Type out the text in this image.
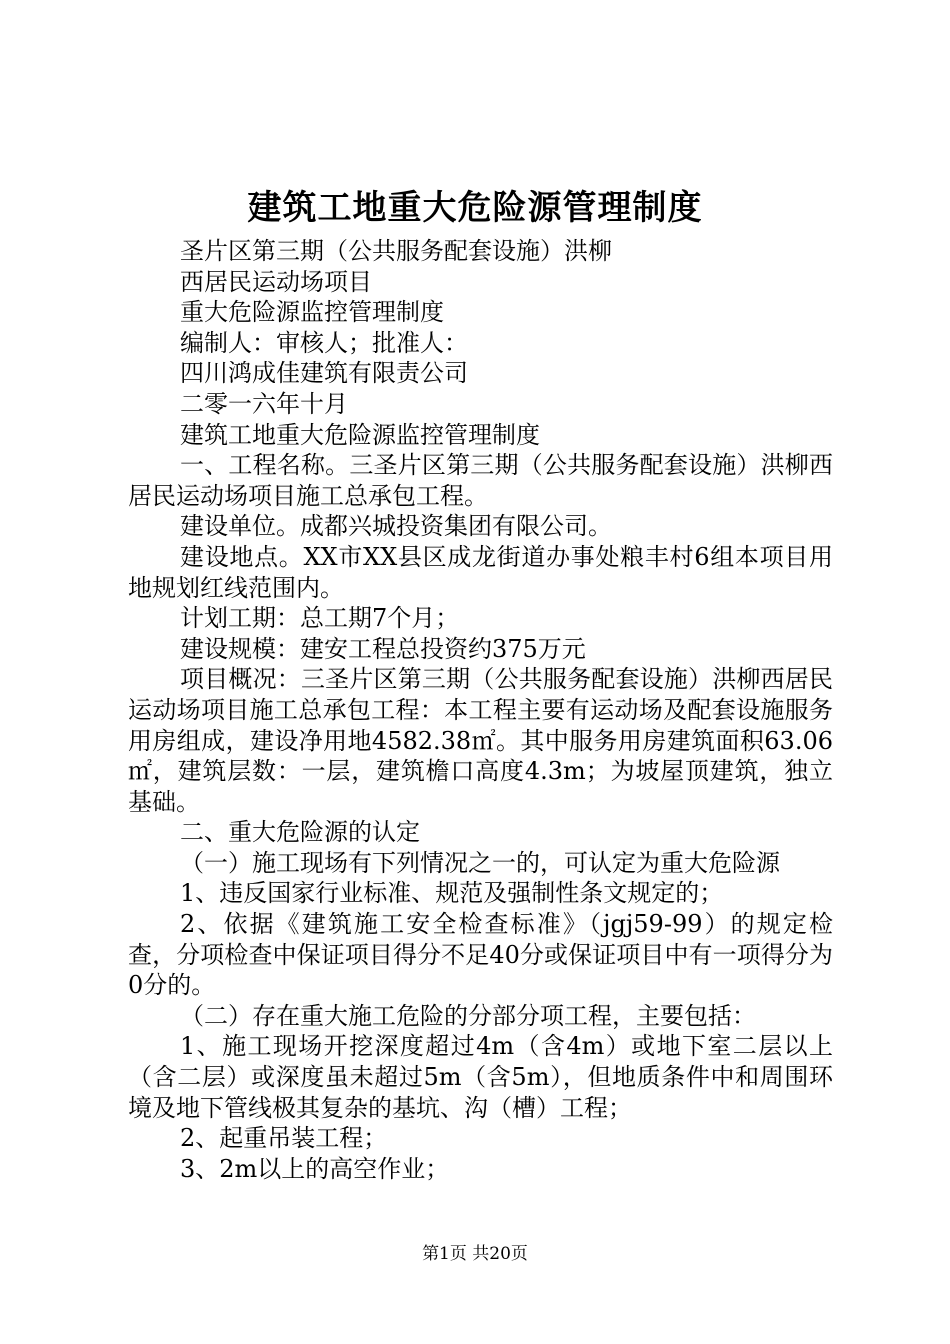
建筑工地重大危险源管理制度

圣片区第三期（公共服务配套设施）洪柳

西居民运动场项目

重大危险源监控管理制度

编制人：审核人；批准人：

四川鸿成佳建筑有限责公司

二零一六年十月

建筑工地重大危险源监控管理制度

一、工程名称。三圣片区第三期（公共服务配套设施）洪柳西居民运动场项目施工总承包工程。

建设单位。成都兴城投资集团有限公司。

建设地点。XX市XX县区成龙街道办事处粮丰村6组本项目用地规划红线范围内。

计划工期：总工期7个月；

建设规模：建安工程总投资约375万元

项目概况：三圣片区第三期（公共服务配套设施）洪柳西居民运动场项目施工总承包工程：本工程主要有运动场及配套设施服务用房组成，建设净用地4582.38㎡。其中服务用房建筑面积63.06㎡，建筑层数：一层，建筑檐口高度4.3m；为坡屋顶建筑，独立基础。

二、重大危险源的认定

（一）施工现场有下列情况之一的，可认定为重大危险源

1、违反国家行业标准、规范及强制性条文规定的；

2、依据《建筑施工安全检查标准》（jgj59-99）的规定检查，分项检查中保证项目得分不足40分或保证项目中有一项得分为0分的。

（二）存在重大施工危险的分部分项工程，主要包括：

1、施工现场开挖深度超过4m（含4m）或地下室二层以上（含二层）或深度虽未超过5m（含5m），但地质条件中和周围环境及地下管线极其复杂的基坑、沟（槽）工程；

2、起重吊装工程；

3、2m以上的高空作业；

第1页 共20页
